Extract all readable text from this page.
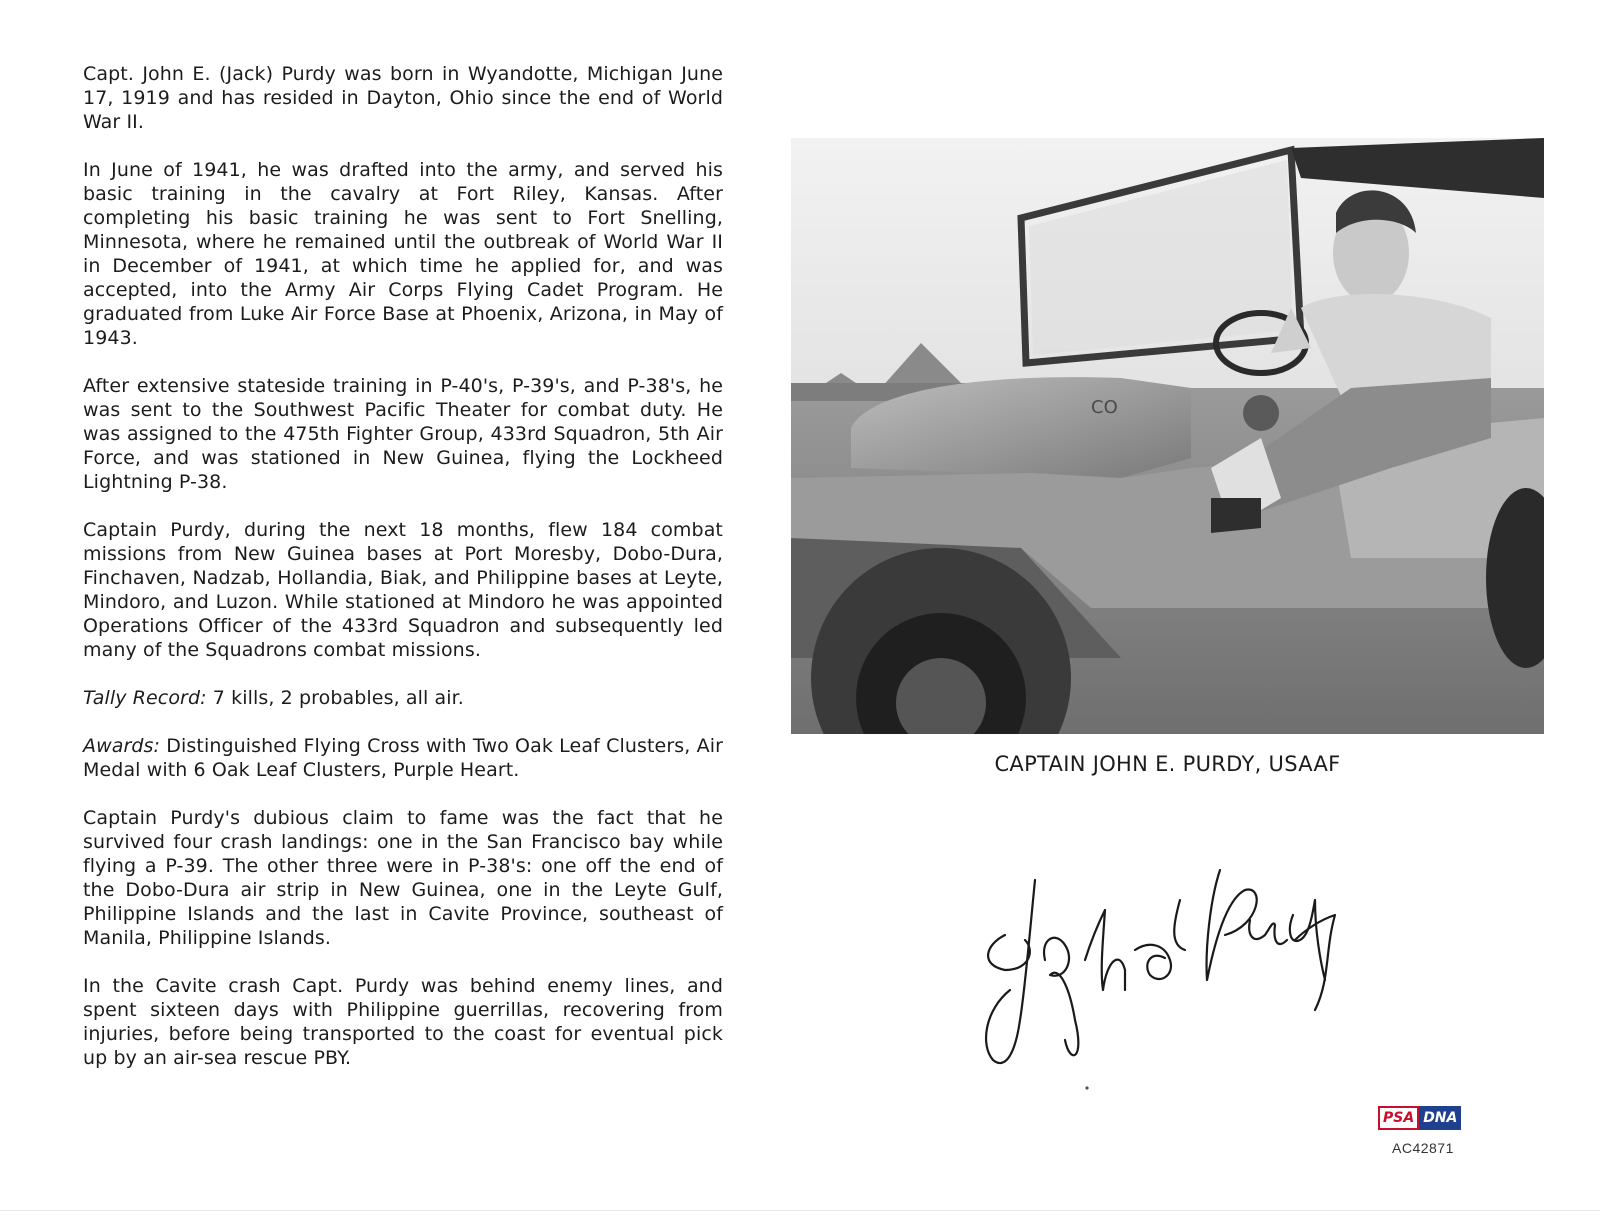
Capt. John E. (Jack) Purdy was born in Wyandotte, Michigan June 17, 1919 and has resided in Dayton, Ohio since the end of World War II.

In June of 1941, he was drafted into the army, and served his basic training in the cavalry at Fort Riley, Kansas. After completing his basic training he was sent to Fort Snelling, Minnesota, where he remained until the outbreak of World War II in December of 1941, at which time he applied for, and was accepted, into the Army Air Corps Flying Cadet Program. He graduated from Luke Air Force Base at Phoenix, Arizona, in May of 1943.

After extensive stateside training in P-40's, P-39's, and P-38's, he was sent to the Southwest Pacific Theater for combat duty. He was assigned to the 475th Fighter Group, 433rd Squadron, 5th Air Force, and was stationed in New Guinea, flying the Lockheed Lightning P-38.

Captain Purdy, during the next 18 months, flew 184 combat missions from New Guinea bases at Port Moresby, Dobo-Dura, Finchaven, Nadzab, Hollandia, Biak, and Philippine bases at Leyte, Mindoro, and Luzon. While stationed at Mindoro he was appointed Operations Officer of the 433rd Squadron and subsequently led many of the Squadrons combat missions.

Tally Record: 7 kills, 2 probables, all air.

Awards: Distinguished Flying Cross with Two Oak Leaf Clusters, Air Medal with 6 Oak Leaf Clusters, Purple Heart.

Captain Purdy's dubious claim to fame was the fact that he survived four crash landings: one in the San Francisco bay while flying a P-39. The other three were in P-38's: one off the end of the Dobo-Dura air strip in New Guinea, one in the Leyte Gulf, Philippine Islands and the last in Cavite Province, southeast of Manila, Philippine Islands.

In the Cavite crash Capt. Purdy was behind enemy lines, and spent sixteen days with Philippine guerrillas, recovering from injuries, before being transported to the coast for eventual pick up by an air-sea rescue PBY.

CO
CAPTAIN JOHN E. PURDY, USAAF
PSA DNA
AC42871
